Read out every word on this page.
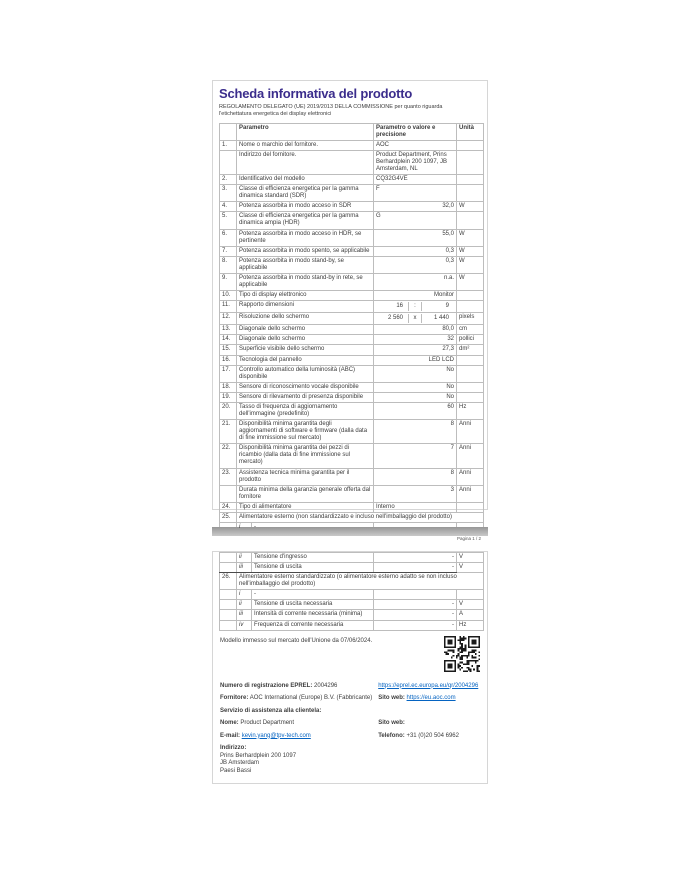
Scheda informativa del prodotto
REGOLAMENTO DELEGATO (UE) 2019/2013 DELLA COMMISSIONE per quanto riguarda
l'etichettatura energetica dei display elettronici
	Parametro		Parametro o valore e precisione	Unità
1.	Nome o marchio del fornitore.		AOC	
	Indirizzo del fornitore.		Product Department, Prins Berhardplein 200 1097, JB Amsterdam, NL	
2.	Identificativo del modello		CQ32G4VE	
3.	Classe di efficienza energetica per la gamma dinamica standard (SDR)		F	
4.	Potenza assorbita in modo acceso in SDR		32,0	W
5.	Classe di efficienza energetica per la gamma dinamica ampia (HDR)		G	
6.	Potenza assorbita in modo acceso in HDR, se pertinente		55,0	W
7.	Potenza assorbita in modo spento, se applicabile		0,3	W
8.	Potenza assorbita in modo stand-by, se applicabile		0,3	W
9.	Potenza assorbita in modo stand-by in rete, se applicabile		n.a.	W
10.	Tipo di display elettronico		Monitor	
11.	Rapporto dimensioni		16 : 9	

12.	Risoluzione dello schermo		2 560 x 1 440	pixels
13.	Diagonale dello schermo		80,0	cm
14.	Diagonale dello schermo		32	pollici
15.	Superficie visibile dello schermo		27,3	dm²
16.	Tecnologia del pannello		LED LCD	
17.	Controllo automatico della luminosità (ABC) disponibile		No	
18.	Sensore di riconoscimento vocale disponibile		No	
19.	Sensore di rilevamento di presenza disponibile		No	
20.	Tasso di frequenza di aggiornamento dell'immagine (predefinito)		60	Hz
21.	Disponibilità minima garantita degli aggiornamenti di software e firmware (dalla data di fine immissione sul mercato)		8	Anni
22.	Disponibilità minima garantita dei pezzi di ricambio (dalla data di fine immissione sul mercato)		7	Anni
23.	Assistenza tecnica minima garantita per il prodotto		8	Anni
	Durata minima della garanzia generale offerta dal fornitore		3	Anni
24.	Tipo di alimentatore		Interno	
25.	Alimentatore esterno (non standardizzato e incluso nell'imballaggio del prodotto)			
	i	-		
Pagina 1 / 2
	ii	Tensione d'ingresso	-	V
	iii	Tensione di uscita	-	V
26.	Alimentatore esterno standardizzato (o alimentatore esterno adatto se non incluso nell'imballaggio del prodotto)			
	i	-		
	ii	Tensione di uscita necessaria	-	V
	iii	Intensità di corrente necessaria (minima)	-	A
	iv	Frequenza di corrente necessaria	-	Hz
Modello immesso sul mercato dell'Unione da 07/06/2024.
Numero di registrazione EPREL: 2004296	https://eprel.ec.europa.eu/qr/2004296
Fornitore: AOC International (Europe) B.V. (Fabbricante)	Sito web: https://eu.aoc.com
Servizio di assistenza alla clientela:
Nome: Product Department	Sito web:
E-mail: kevin.yang@tpv-tech.com	Telefono: +31 (0)20 504 6962
Indirizzo:
Prins Berhardplein 200 1097
JB Amsterdam
Paesi Bassi
